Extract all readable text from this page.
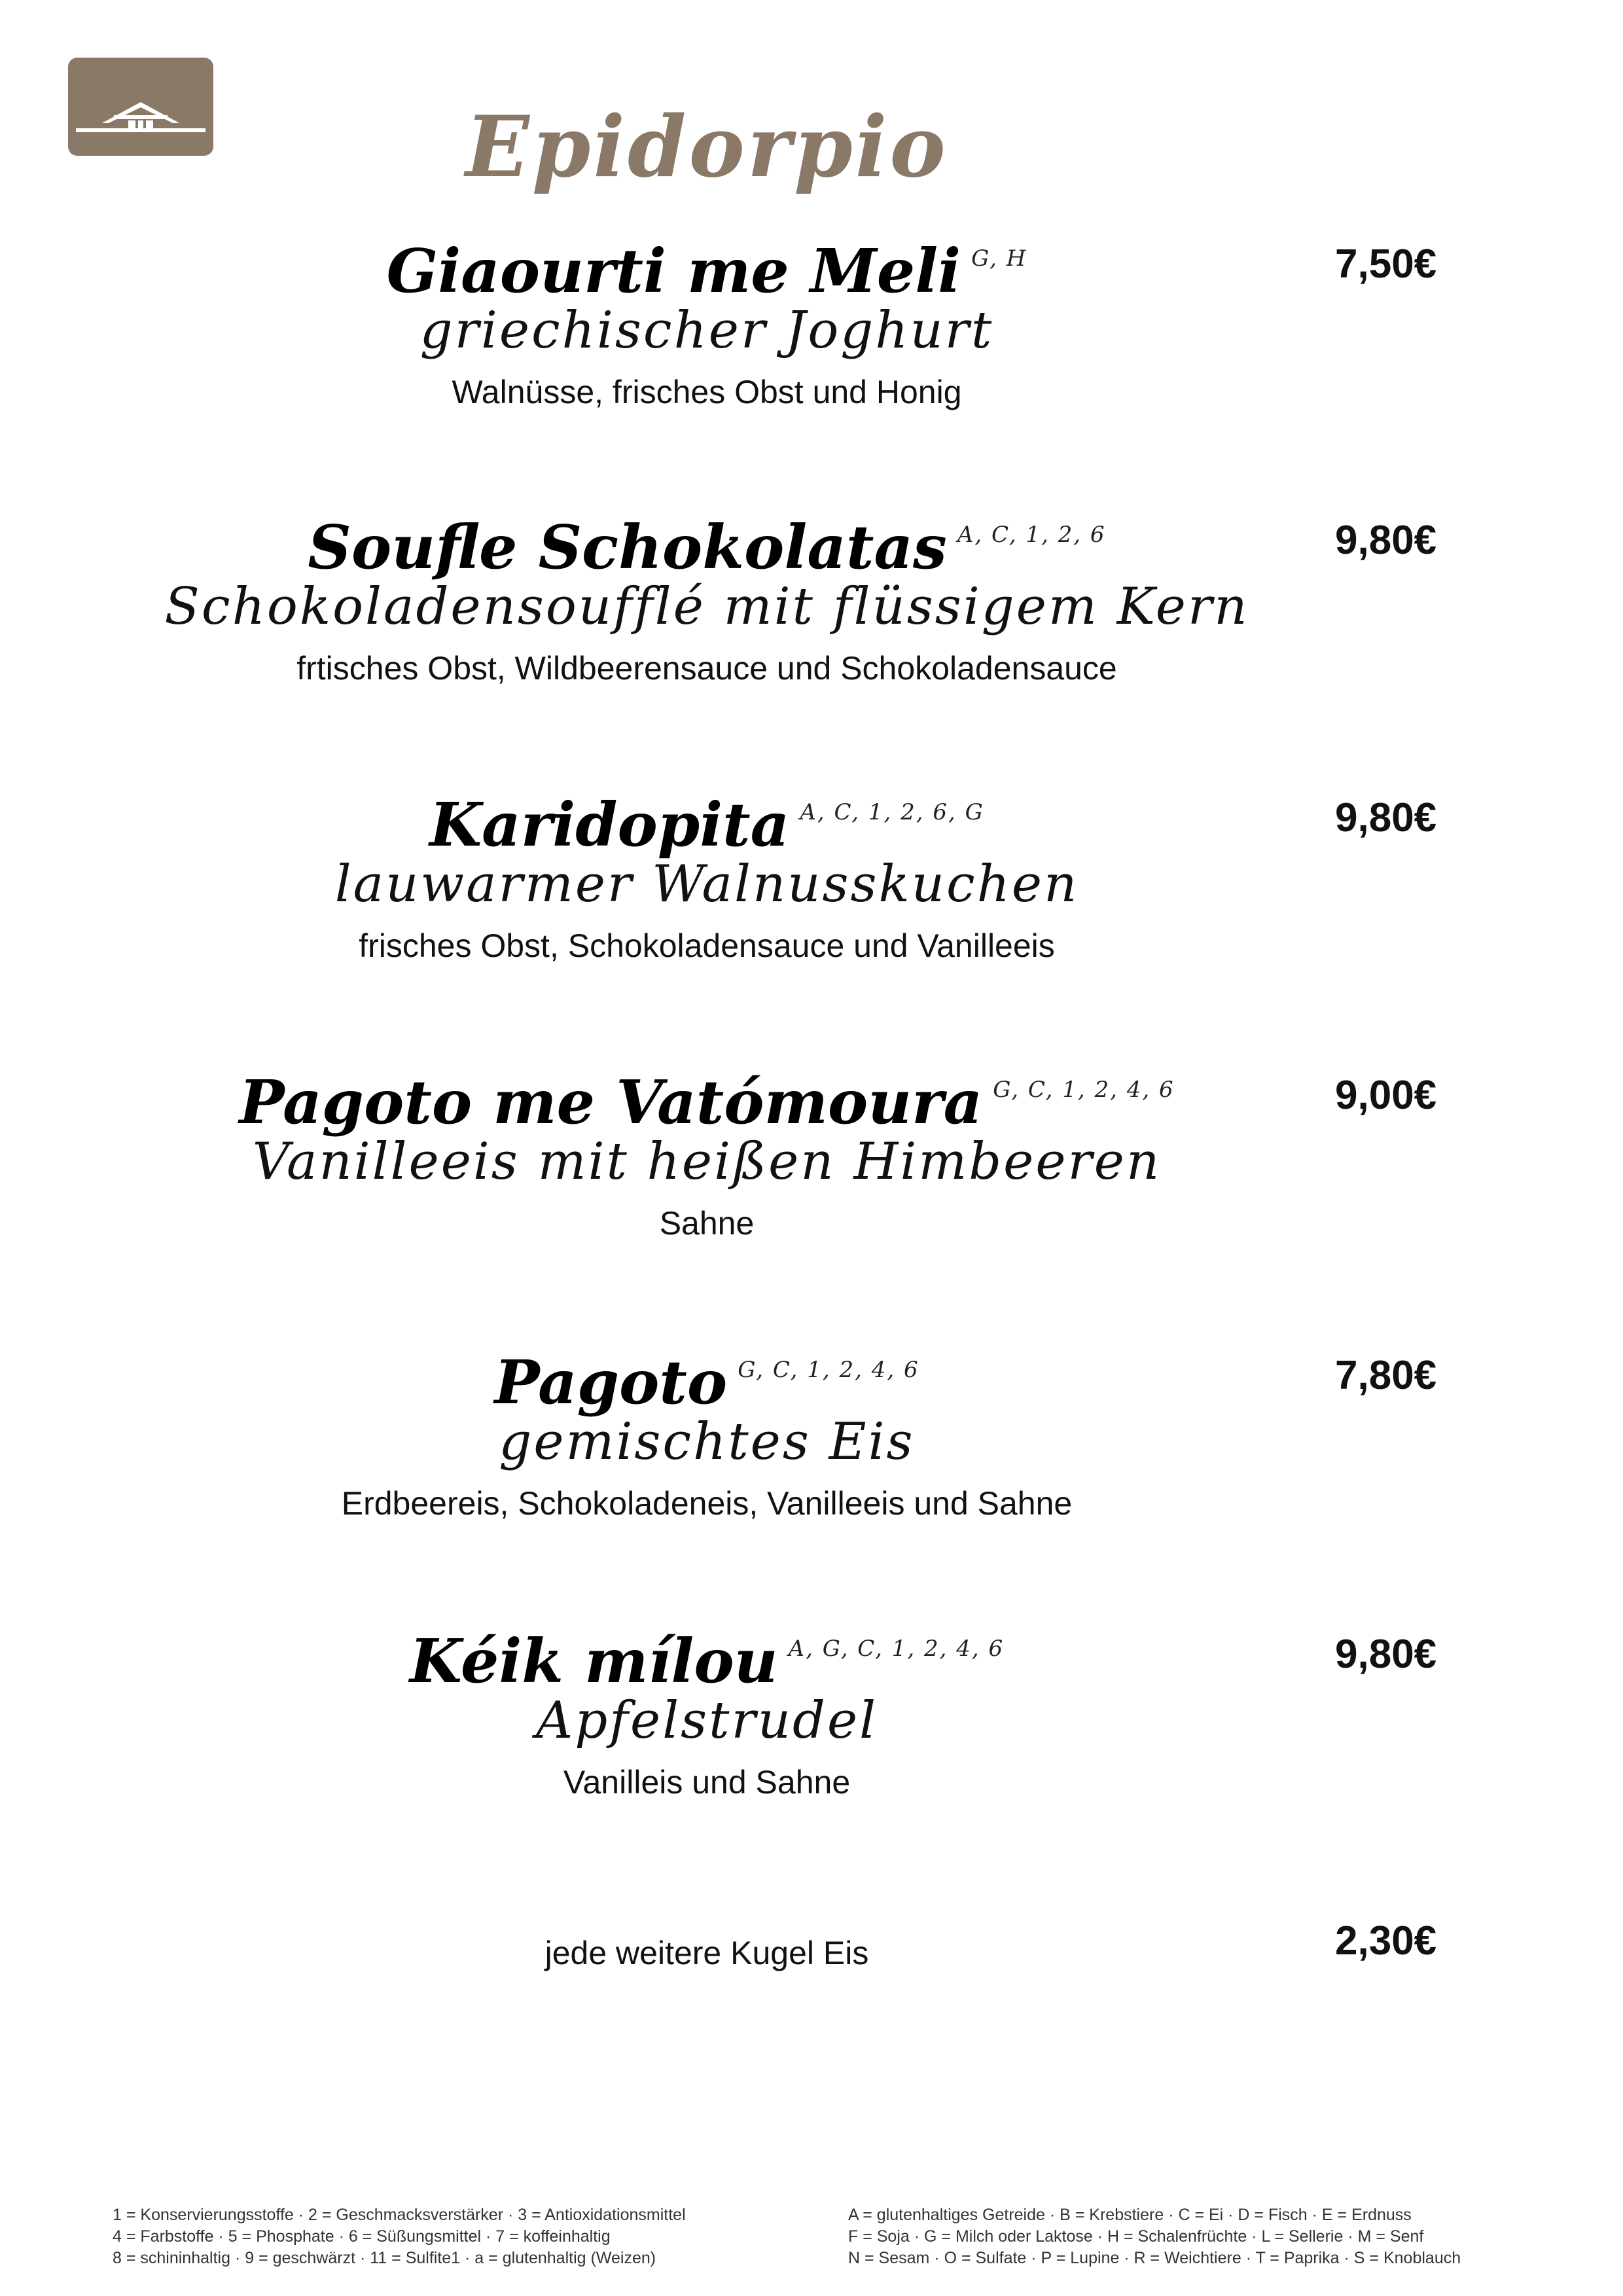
Epidorpio
Giaourti me Meli G, H	7,50€
griechischer Joghurt
Walnüsse, frisches Obst und Honig
Soufle Schokolatas A, C, 1, 2, 6	9,80€
Schokoladensoufflé mit flüssigem Kern
frtisches Obst, Wildbeerensauce und Schokoladensauce
Karidopita A, C, 1, 2, 6, G	9,80€
lauwarmer Walnusskuchen
frisches Obst, Schokoladensauce und Vanilleeis
Pagoto me Vatómoura G, C, 1, 2, 4, 6	9,00€
Vanilleeis mit heißen Himbeeren
Sahne
Pagoto G, C, 1, 2, 4, 6	7,80€
gemischtes Eis
Erdbeereis, Schokoladeneis, Vanilleeis und Sahne
Kéik mílou A, G, C, 1, 2, 4, 6	9,80€
Apfelstrudel
Vanilleis und Sahne
jede weitere Kugel Eis	2,30€
1 = Konservierungsstoffe · 2 = Geschmacksverstärker · 3 = Antioxidationsmittel
4 = Farbstoffe · 5 = Phosphate · 6 = Süßungsmittel · 7 = koffeinhaltig
8 = schininhaltig · 9 = geschwärzt · 11 = Sulfite1 · a = glutenhaltig (Weizen)
A = glutenhaltiges Getreide · B = Krebstiere · C = Ei · D = Fisch · E = Erdnuss
F = Soja · G = Milch oder Laktose · H = Schalenfrüchte · L = Sellerie · M = Senf
N = Sesam · O = Sulfate · P = Lupine · R = Weichtiere · T = Paprika · S = Knoblauch
